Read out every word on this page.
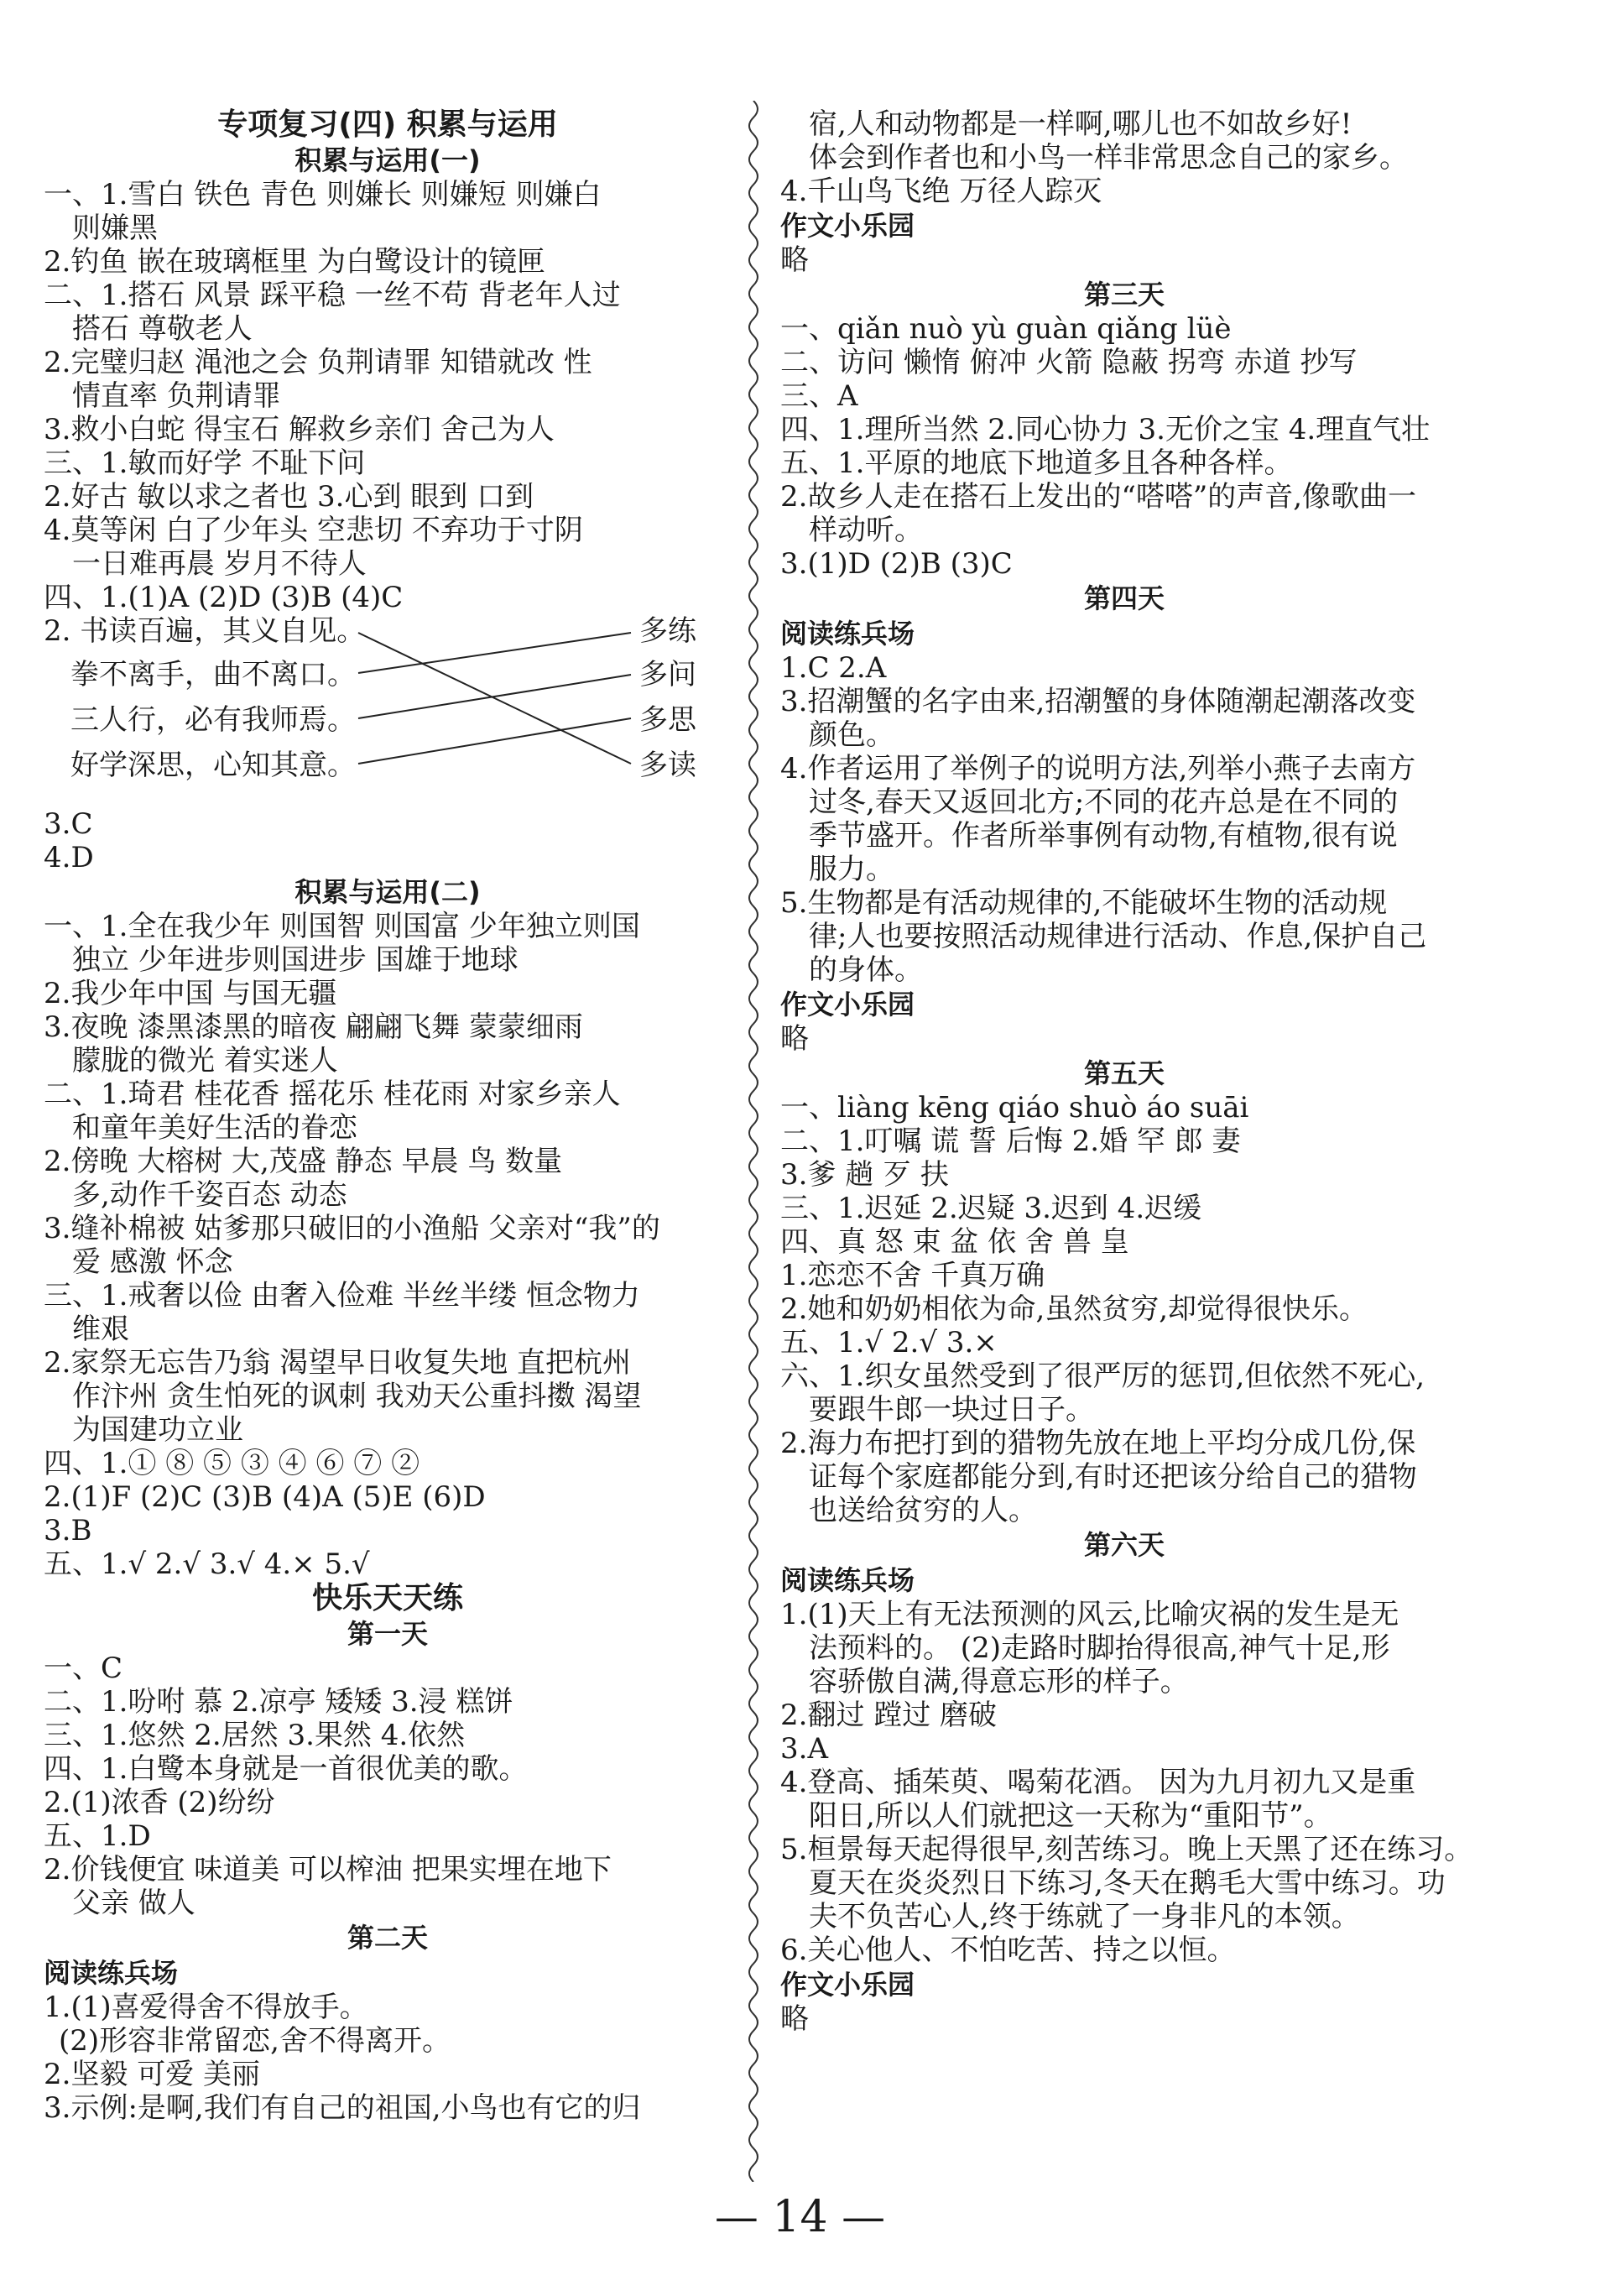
专项复习(四) 积累与运用
积累与运用(一)
一、1.雪白 铁色 青色 则嫌长 则嫌短 则嫌白
则嫌黑
2.钓鱼 嵌在玻璃框里 为白鹭设计的镜匣
二、1.搭石 风景 踩平稳 一丝不苟 背老年人过
搭石 尊敬老人
2.完璧归赵 渑池之会 负荆请罪 知错就改 性
情直率 负荆请罪
3.救小白蛇 得宝石 解救乡亲们 舍己为人
三、1.敏而好学 不耻下问
2.好古 敏以求之者也 3.心到 眼到 口到
4.莫等闲 白了少年头 空悲切 不弃功于寸阴
一日难再晨 岁月不待人
四、1.(1)A (2)D (3)B (4)C
2. 书读百遍，其义自见。
拳不离手，曲不离口。
三人行，必有我师焉。
好学深思，心知其意。
多练
多问
多思
多读
3.C
4.D
积累与运用(二)
一、1.全在我少年 则国智 则国富 少年独立则国
独立 少年进步则国进步 国雄于地球
2.我少年中国 与国无疆
3.夜晚 漆黑漆黑的暗夜 翩翩飞舞 蒙蒙细雨
朦胧的微光 着实迷人
二、1.琦君 桂花香 摇花乐 桂花雨 对家乡亲人
和童年美好生活的眷恋
2.傍晚 大榕树 大,茂盛 静态 早晨 鸟 数量
多,动作千姿百态 动态
3.缝补棉被 姑爹那只破旧的小渔船 父亲对“我”的
爱 感激 怀念
三、1.戒奢以俭 由奢入俭难 半丝半缕 恒念物力
维艰
2.家祭无忘告乃翁 渴望早日收复失地 直把杭州
作汴州 贪生怕死的讽刺 我劝天公重抖擞 渴望
为国建功立业
四、1.① ⑧ ⑤ ③ ④ ⑥ ⑦ ②
2.(1)F (2)C (3)B (4)A (5)E (6)D
3.B
五、1.√ 2.√ 3.√ 4.× 5.√
快乐天天练
第一天
一、C
二、1.吩咐 慕 2.凉亭 矮矮 3.浸 糕饼
三、1.悠然 2.居然 3.果然 4.依然
四、1.白鹭本身就是一首很优美的歌。
2.(1)浓香 (2)纷纷
五、1.D
2.价钱便宜 味道美 可以榨油 把果实埋在地下
父亲 做人
第二天
阅读练兵场
1.(1)喜爱得舍不得放手。
(2)形容非常留恋,舍不得离开。
2.坚毅 可爱 美丽
3.示例:是啊,我们有自己的祖国,小鸟也有它的归
宿,人和动物都是一样啊,哪儿也不如故乡好!
体会到作者也和小鸟一样非常思念自己的家乡。
4.千山鸟飞绝 万径人踪灭
作文小乐园
略
第三天
一、qiǎn nuò yù guàn qiǎng lüè
二、访问 懒惰 俯冲 火箭 隐蔽 拐弯 赤道 抄写
三、A
四、1.理所当然 2.同心协力 3.无价之宝 4.理直气壮
五、1.平原的地底下地道多且各种各样。
2.故乡人走在搭石上发出的“嗒嗒”的声音,像歌曲一
样动听。
3.(1)D (2)B (3)C
第四天
阅读练兵场
1.C 2.A
3.招潮蟹的名字由来,招潮蟹的身体随潮起潮落改变
颜色。
4.作者运用了举例子的说明方法,列举小燕子去南方
过冬,春天又返回北方;不同的花卉总是在不同的
季节盛开。作者所举事例有动物,有植物,很有说
服力。
5.生物都是有活动规律的,不能破坏生物的活动规
律;人也要按照活动规律进行活动、作息,保护自己
的身体。
作文小乐园
略
第五天
一、liàng kēng qiáo shuò áo suāi
二、1.叮嘱 谎 誓 后悔 2.婚 罕 郎 妻
3.爹 趟 歹 扶
三、1.迟延 2.迟疑 3.迟到 4.迟缓
四、真 怒 束 盆 依 舍 兽 皇
1.恋恋不舍 千真万确
2.她和奶奶相依为命,虽然贫穷,却觉得很快乐。
五、1.√ 2.√ 3.×
六、1.织女虽然受到了很严厉的惩罚,但依然不死心,
要跟牛郎一块过日子。
2.海力布把打到的猎物先放在地上平均分成几份,保
证每个家庭都能分到,有时还把该分给自己的猎物
也送给贫穷的人。
第六天
阅读练兵场
1.(1)天上有无法预测的风云,比喻灾祸的发生是无
法预料的。 (2)走路时脚抬得很高,神气十足,形
容骄傲自满,得意忘形的样子。
2.翻过 蹚过 磨破
3.A
4.登高、插茱萸、喝菊花酒。 因为九月初九又是重
阳日,所以人们就把这一天称为“重阳节”。
5.桓景每天起得很早,刻苦练习。晚上天黑了还在练习。
夏天在炎炎烈日下练习,冬天在鹅毛大雪中练习。功
夫不负苦心人,终于练就了一身非凡的本领。
6.关心他人、不怕吃苦、持之以恒。
作文小乐园
略
— 14 —
